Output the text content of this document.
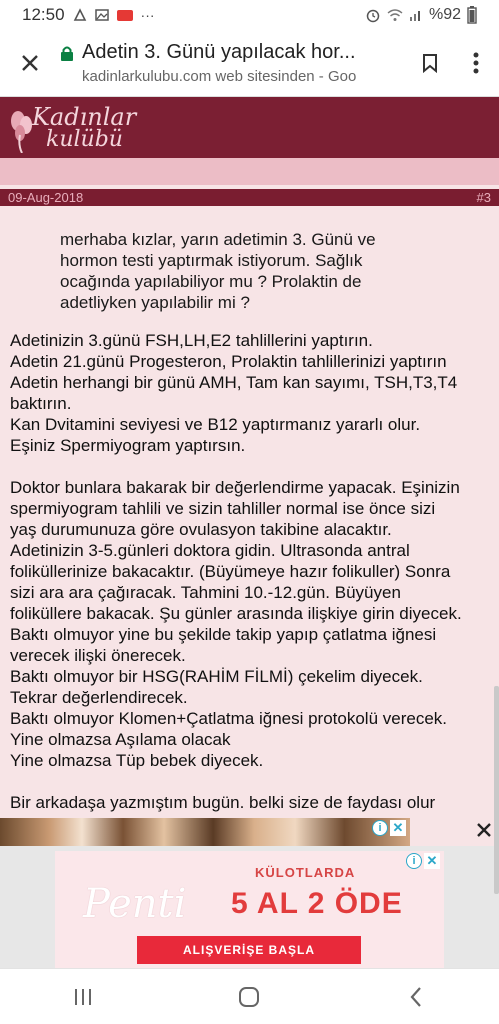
12:50	···	%92
Adetin 3. Günü yapılacak hor...
kadinlarkulubu.com web sitesinden - Goo
Kadınlar
kulübü
09-Aug-2018	#3

merhaba kızlar, yarın adetimin 3. Günü ve

hormon testi yaptırmak istiyorum. Sağlık

ocağında yapılabiliyor mu ? Prolaktin de

adetliyken yapılabilir mi ?

Adetinizin 3.günü FSH,LH,E2 tahlillerini yaptırın.

Adetin 21.günü Progesteron, Prolaktin tahlillerinizi yaptırın

Adetin herhangi bir günü AMH, Tam kan sayımı, TSH,T3,T4

baktırın.

Kan Dvitamini seviyesi ve B12 yaptırmanız yararlı olur.

Eşiniz Spermiyogram yaptırsın.

Doktor bunlara bakarak bir değerlendirme yapacak. Eşinizin

spermiyogram tahlili ve sizin tahliller normal ise önce sizi

yaş durumunuza göre ovulasyon takibine alacaktır.

Adetinizin 3-5.günleri doktora gidin. Ultrasonda antral

foliküllerinize bakacaktır. (Büyümeye hazır folikuller) Sonra

sizi ara ara çağıracak. Tahmini 10.-12.gün. Büyüyen

foliküllere bakacak. Şu günler arasında ilişkiye girin diyecek.

Baktı olmuyor yine bu şekilde takip yapıp çatlatma iğnesi

verecek ilişki önerecek.

Baktı olmuyor bir HSG(RAHİM FİLMİ) çekelim diyecek.

Tekrar değerlendirecek.

Baktı olmuyor Klomen+Çatlatma iğnesi protokolü verecek.

Yine olmazsa Aşılama olacak

Yine olmazsa Tüp bebek diyecek.

Bir arkadaşa yazmıştım bugün. belki size de faydası olur

i ✕
i ✕
KÜLOTLARDA
Penti 5 AL 2 ÖDE
ALIŞVERİŞE BAŞLA
